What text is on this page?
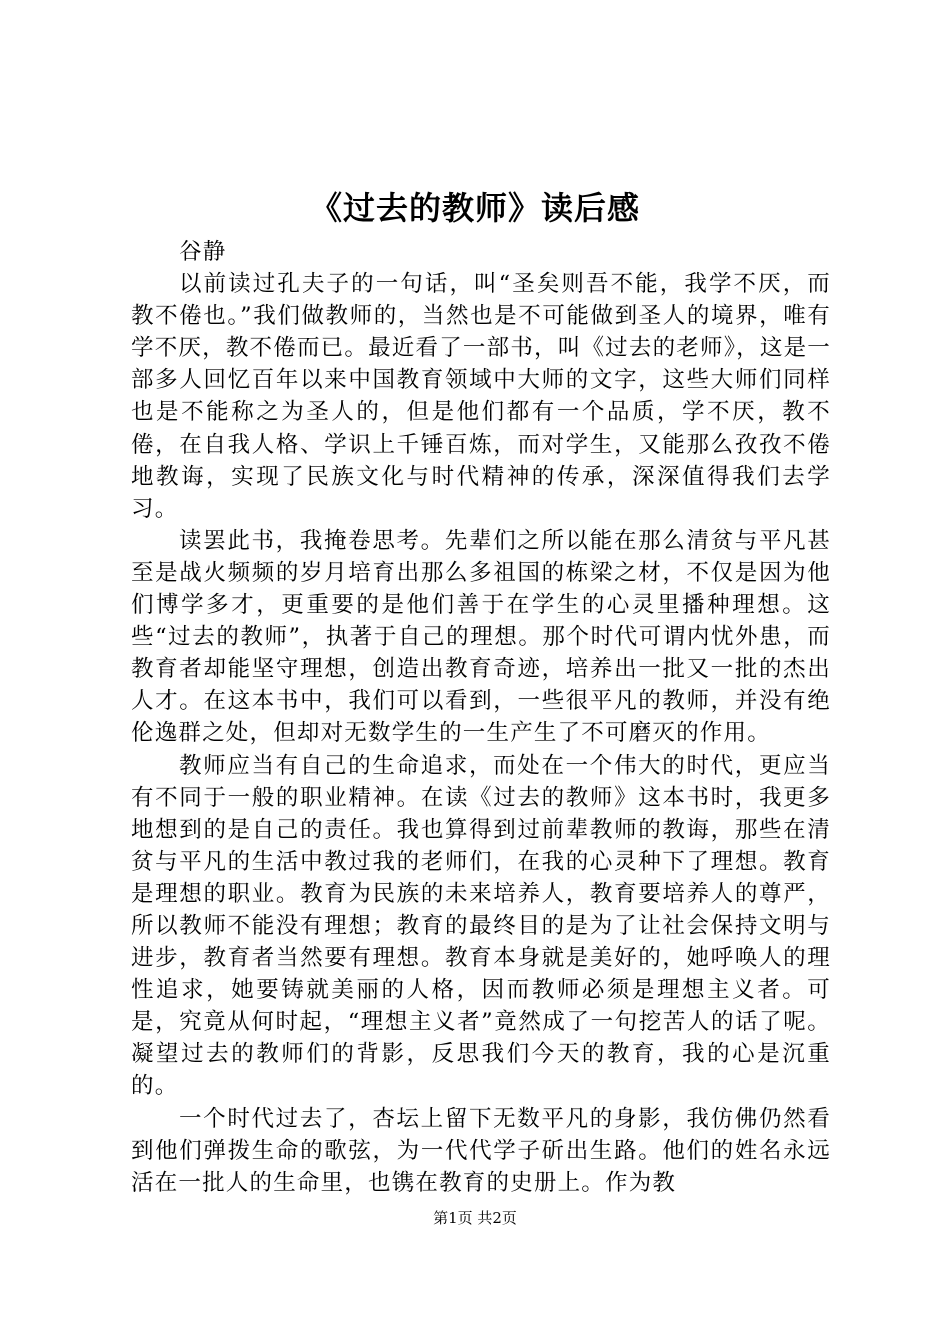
《过去的教师》读后感

谷静

以前读过孔夫子的一句话，叫“圣矣则吾不能，我学不厌，而教不倦也。”我们做教师的，当然也是不可能做到圣人的境界，唯有学不厌，教不倦而已。最近看了一部书，叫《过去的老师》，这是一部多人回忆百年以来中国教育领域中大师的文字，这些大师们同样也是不能称之为圣人的，但是他们都有一个品质，学不厌，教不倦，在自我人格、学识上千锤百炼，而对学生，又能那么孜孜不倦地教诲，实现了民族文化与时代精神的传承，深深值得我们去学习。

读罢此书，我掩卷思考。先辈们之所以能在那么清贫与平凡甚至是战火频频的岁月培育出那么多祖国的栋梁之材，不仅是因为他们博学多才，更重要的是他们善于在学生的心灵里播种理想。这些“过去的教师”，执著于自己的理想。那个时代可谓内忧外患，而教育者却能坚守理想，创造出教育奇迹，培养出一批又一批的杰出人才。在这本书中，我们可以看到，一些很平凡的教师，并没有绝伦逸群之处，但却对无数学生的一生产生了不可磨灭的作用。

教师应当有自己的生命追求，而处在一个伟大的时代，更应当有不同于一般的职业精神。在读《过去的教师》这本书时，我更多地想到的是自己的责任。我也算得到过前辈教师的教诲，那些在清贫与平凡的生活中教过我的老师们，在我的心灵种下了理想。教育是理想的职业。教育为民族的未来培养人，教育要培养人的尊严，所以教师不能没有理想；教育的最终目的是为了让社会保持文明与进步，教育者当然要有理想。教育本身就是美好的，她呼唤人的理性追求，她要铸就美丽的人格，因而教师必须是理想主义者。可是，究竟从何时起，“理想主义者”竟然成了一句挖苦人的话了呢。凝望过去的教师们的背影，反思我们今天的教育，我的心是沉重的。

一个时代过去了，杏坛上留下无数平凡的身影，我仿佛仍然看到他们弹拨生命的歌弦，为一代代学子斫出生路。他们的姓名永远活在一批人的生命里，也镌在教育的史册上。作为教

第1页 共2页
